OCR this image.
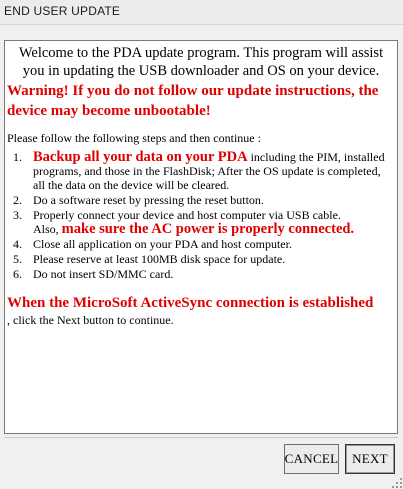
END USER UPDATE

Welcome to the PDA update program. This program will assist you in updating the USB downloader and OS on your device.

Warning! If you do not follow our update instructions, the device may become unbootable!

Please follow the following steps and then continue :

1. Backup all your data on your PDA including the PIM, installed programs, and those in the FlashDisk; After the OS update is completed, all the data on the device will be cleared.
2. Do a software reset by pressing the reset button.
3. Properly connect your device and host computer via USB cable.
Also, make sure the AC power is properly connected.
4. Close all application on your PDA and host computer.
5. Please reserve at least 100MB disk space for update.
6. Do not insert SD/MMC card.

When the MicroSoft ActiveSync connection is established

, click the Next button to continue.

CANCEL	NEXT
